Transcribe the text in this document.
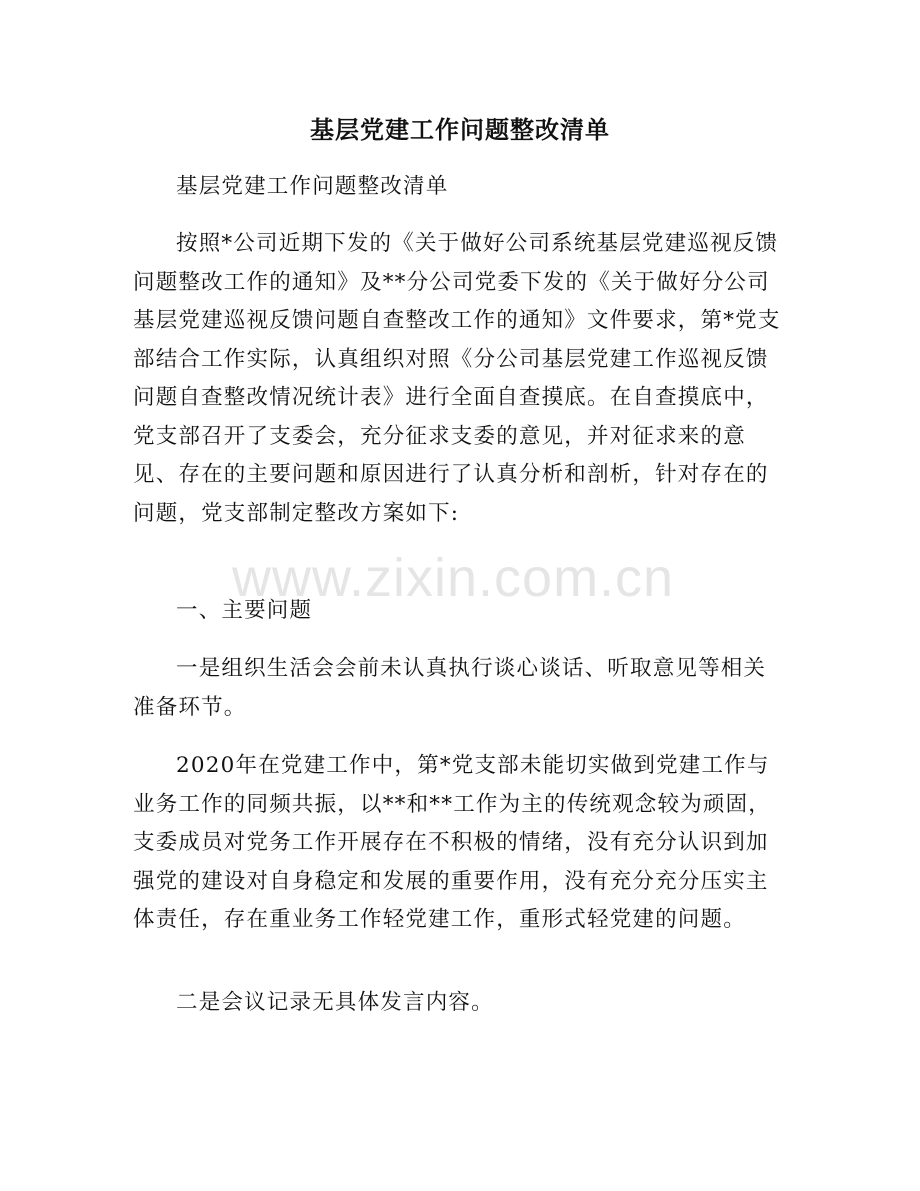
基层党建工作问题整改清单

基层党建工作问题整改清单

按照*公司近期下发的《关于做好公司系统基层党建巡视反馈问题整改工作的通知》及**分公司党委下发的《关于做好分公司基层党建巡视反馈问题自查整改工作的通知》文件要求，第*党支部结合工作实际，认真组织对照《分公司基层党建工作巡视反馈问题自查整改情况统计表》进行全面自查摸底。在自查摸底中，党支部召开了支委会，充分征求支委的意见，并对征求来的意见、存在的主要问题和原因进行了认真分析和剖析，针对存在的问题，党支部制定整改方案如下:

一、主要问题

一是组织生活会会前未认真执行谈心谈话、听取意见等相关准备环节。

2020年在党建工作中，第*党支部未能切实做到党建工作与业务工作的同频共振，以**和**工作为主的传统观念较为顽固，支委成员对党务工作开展存在不积极的情绪，没有充分认识到加强党的建设对自身稳定和发展的重要作用，没有充分充分压实主体责任，存在重业务工作轻党建工作，重形式轻党建的问题。

二是会议记录无具体发言内容。

www.zixin.com.cn
